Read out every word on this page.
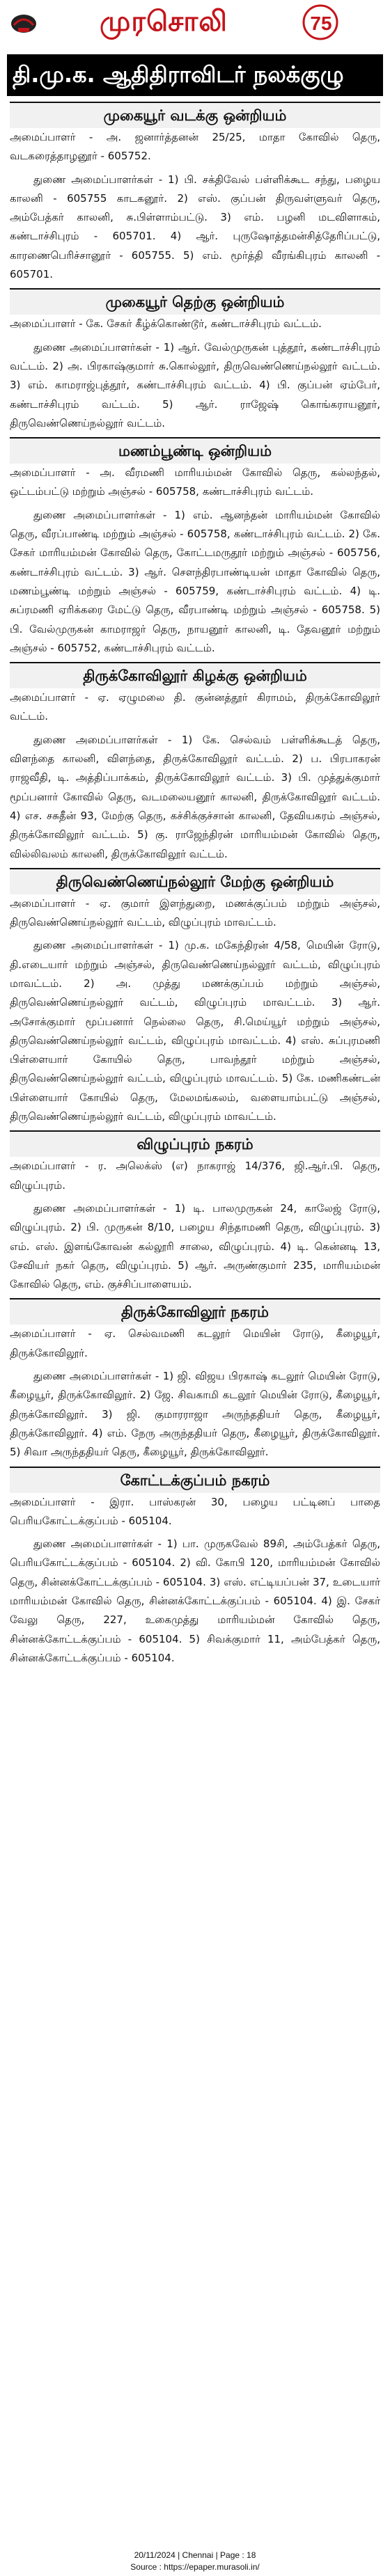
முரசொலி	75
தி.மு.க. ஆதிதிராவிடர் நலக்குழு
முகையூர் வடக்கு ஒன்றியம்

அமைப்பாளர் - அ. ஜனார்த்தனன் 25/25, மாதா கோவில் தெரு, வடகரைத்தாழனூர் - 605752.

துணை அமைப்பாளர்கள் - 1) பி. சக்திவேல் பள்ளிக்கூட சந்து, பழைய காலனி - 605755 காடகனூர். 2) எஸ். குப்பன் திருவள்ளுவர் தெரு, அம்பேத்கர் காலனி, சு.பிள்ளாம்பட்டு. 3) எம். பழனி மடவிளாகம், கண்டாச்சிபுரம் - 605701. 4) ஆர். புருஷோத்தமன்சித்தேரிப்பட்டு, காரணைபெரிச்சானூர் - 605755. 5) எம். மூர்த்தி வீரங்கிபுரம் காலனி - 605701.

முகையூர் தெற்கு ஒன்றியம்

அமைப்பாளர் - கே. சேகர் கீழ்க்கொண்டூர், கண்டாச்சிபுரம் வட்டம்.

துணை அமைப்பாளர்கள் - 1) ஆர். வேல்முருகன் புத்தூர், கண்டாச்சிபுரம் வட்டம். 2) அ. பிரகாஷ்குமார் சு.கொல்லூர், திருவெண்ணெய்நல்லூர் வட்டம். 3) எம். காமராஜ்புத்தூர், கண்டாச்சிபுரம் வட்டம். 4) பி. குப்பன் ஏம்பேர், கண்டாச்சிபுரம் வட்டம். 5) ஆர். ராஜேஷ் கொங்கராயனூர், திருவெண்ணெய்நல்லூர் வட்டம்.

மணம்பூண்டி ஒன்றியம்

அமைப்பாளர் - அ. வீரமணி மாரியம்மன் கோவில் தெரு, கல்லந்தல், ஒட்டம்பட்டு மற்றும் அஞ்சல் - 605758, கண்டாச்சிபுரம் வட்டம்.

துணை அமைப்பாளர்கள் - 1) எம். ஆனந்தன் மாரியம்மன் கோவில் தெரு, வீரப்பாண்டி மற்றும் அஞ்சல் - 605758, கண்டாச்சிபுரம் வட்டம். 2) கே. சேகர் மாரியம்மன் கோவில் தெரு, கோட்டமருதூர் மற்றும் அஞ்சல் - 605756, கண்டாச்சிபுரம் வட்டம். 3) ஆர். சௌந்திரபாண்டியன் மாதா கோவில் தெரு, மணம்பூண்டி மற்றும் அஞ்சல் - 605759, கண்டாச்சிபுரம் வட்டம். 4) டி. சுப்ரமணி ஏரிக்கரை மேட்டு தெரு, வீரபாண்டி மற்றும் அஞ்சல் - 605758. 5) பி. வேல்முருகன் காமராஜர் தெரு, நாயனூர் காலனி, டி. தேவனூர் மற்றும் அஞ்சல் - 605752, கண்டாச்சிபுரம் வட்டம்.

திருக்கோவிலூர் கிழக்கு ஒன்றியம்

அமைப்பாளர் - ஏ. ஏழுமலை தி. குன்னத்தூர் கிராமம், திருக்கோவிலூர் வட்டம்.

துணை அமைப்பாளர்கள் - 1) கே. செல்வம் பள்ளிக்கூடத் தெரு, விளந்தை காலனி, விளந்தை, திருக்கோவிலூர் வட்டம். 2) ப. பிரபாகரன் ராஜவீதி, டி. அத்திப்பாக்கம், திருக்கோவிலூர் வட்டம். 3) பி. முத்துக்குமார் மூப்பனார் கோவில் தெரு, வடமலையனூர் காலனி, திருக்கோவிலூர் வட்டம். 4) எச. சசுதீன் 93, மேற்கு தெரு, கச்சிக்குச்சான் காலனி, தேவியகரம் அஞ்சல், திருக்கோவிலூர் வட்டம். 5) கு. ராஜேந்திரன் மாரியம்மன் கோவில் தெரு, வில்லிவலம் காலனி, திருக்கோவிலூர் வட்டம்.

திருவெண்ணெய்நல்லூர் மேற்கு ஒன்றியம்

அமைப்பாளர் - ஏ. குமார் இளந்துறை, மணக்குப்பம் மற்றும் அஞ்சல், திருவெண்ணெய்நல்லூர் வட்டம், விழுப்புரம் மாவட்டம்.

துணை அமைப்பாளர்கள் - 1) மு.க. மகேந்திரன் 4/58, மெயின் ரோடு, தி.எடையார் மற்றும் அஞ்சல், திருவெண்ணெய்நல்லூர் வட்டம், விழுப்புரம் மாவட்டம். 2) அ. முத்து மணக்குப்பம் மற்றும் அஞ்சல், திருவெண்ணெய்நல்லூர் வட்டம், விழுப்புரம் மாவட்டம். 3) ஆர். அசோக்குமார் மூப்பனார் நெல்லை தெரு, சி.மெய்யூர் மற்றும் அஞ்சல், திருவெண்ணெய்நல்லூர் வட்டம், விழுப்புரம் மாவட்டம். 4) எஸ். சுப்புரமணி பிள்ளையார் கோயில் தெரு, பாவந்தூர் மற்றும் அஞ்சல், திருவெண்ணெய்நல்லூர் வட்டம், விழுப்புரம் மாவட்டம். 5) கே. மணிகண்டன் பிள்ளையார் கோயில் தெரு, மேலமங்கலம், வளையாம்பட்டு அஞ்சல், திருவெண்ணெய்நல்லூர் வட்டம், விழுப்புரம் மாவட்டம்.

விழுப்புரம் நகரம்

அமைப்பாளர் - ர. அலெக்ஸ் (எ) நாகராஜ் 14/376, ஜி.ஆர்.பி. தெரு, விழுப்புரம்.

துணை அமைப்பாளர்கள் - 1) டி. பாலமுருகன் 24, காலேஜ் ரோடு, விழுப்புரம். 2) பி. முருகன் 8/10, பழைய சிந்தாமணி தெரு, விழுப்புரம். 3) எம். எஸ். இளங்கோவன் கல்லூரி சாலை, விழுப்புரம். 4) டி. கென்னடி 13, சேவியர் நகர் தெரு, விழுப்புரம். 5) ஆர். அருண்குமார் 235, மாரியம்மன் கோவில் தெரு, எம். குச்சிப்பாளையம்.

திருக்கோவிலூர் நகரம்

அமைப்பாளர் - ஏ. செல்வமணி கடலூர் மெயின் ரோடு, கீழையூர், திருக்கோவிலூர்.

துணை அமைப்பாளர்கள் - 1) ஜி. விஜய பிரகாஷ் கடலூர் மெயின் ரோடு, கீழையூர், திருக்கோவிலூர். 2) ஜே. சிவகாமி கடலூர் மெயின் ரோடு, கீழையூர், திருக்கோவிலூர். 3) ஜி. குமாரராஜா அருந்ததியர் தெரு, கீழையூர், திருக்கோவிலூர். 4) எம். நேரு அருந்ததியர் தெரு, கீழையூர், திருக்கோவிலூர். 5) சிவா அருந்ததியர் தெரு, கீழையூர், திருக்கோவிலூர்.

கோட்டக்குப்பம் நகரம்

அமைப்பாளர் - இரா. பாஸ்கரன் 30, பழைய பட்டினப் பாதை பெரியகோட்டக்குப்பம் - 605104.

துணை அமைப்பாளர்கள் - 1) பா. முருகவேல் 89சி, அம்பேத்கர் தெரு, பெரியகோட்டக்குப்பம் - 605104. 2) வி. கோபி 120, மாரியம்மன் கோவில் தெரு, சின்னக்கோட்டக்குப்பம் - 605104. 3) எஸ். எட்டியப்பன் 37, உடையார் மாரியம்மன் கோவில் தெரு, சின்னக்கோட்டக்குப்பம் - 605104. 4) இ. சேகர் வேலு தெரு, 227, உகைமுத்து மாரியம்மன் கோவில் தெரு, சின்னக்கோட்டக்குப்பம் - 605104. 5) சிவக்குமார் 11, அம்பேத்கர் தெரு, சின்னக்கோட்டக்குப்பம் - 605104.

20/11/2024 | Chennai | Page : 18
Source : https://epaper.murasoli.in/
